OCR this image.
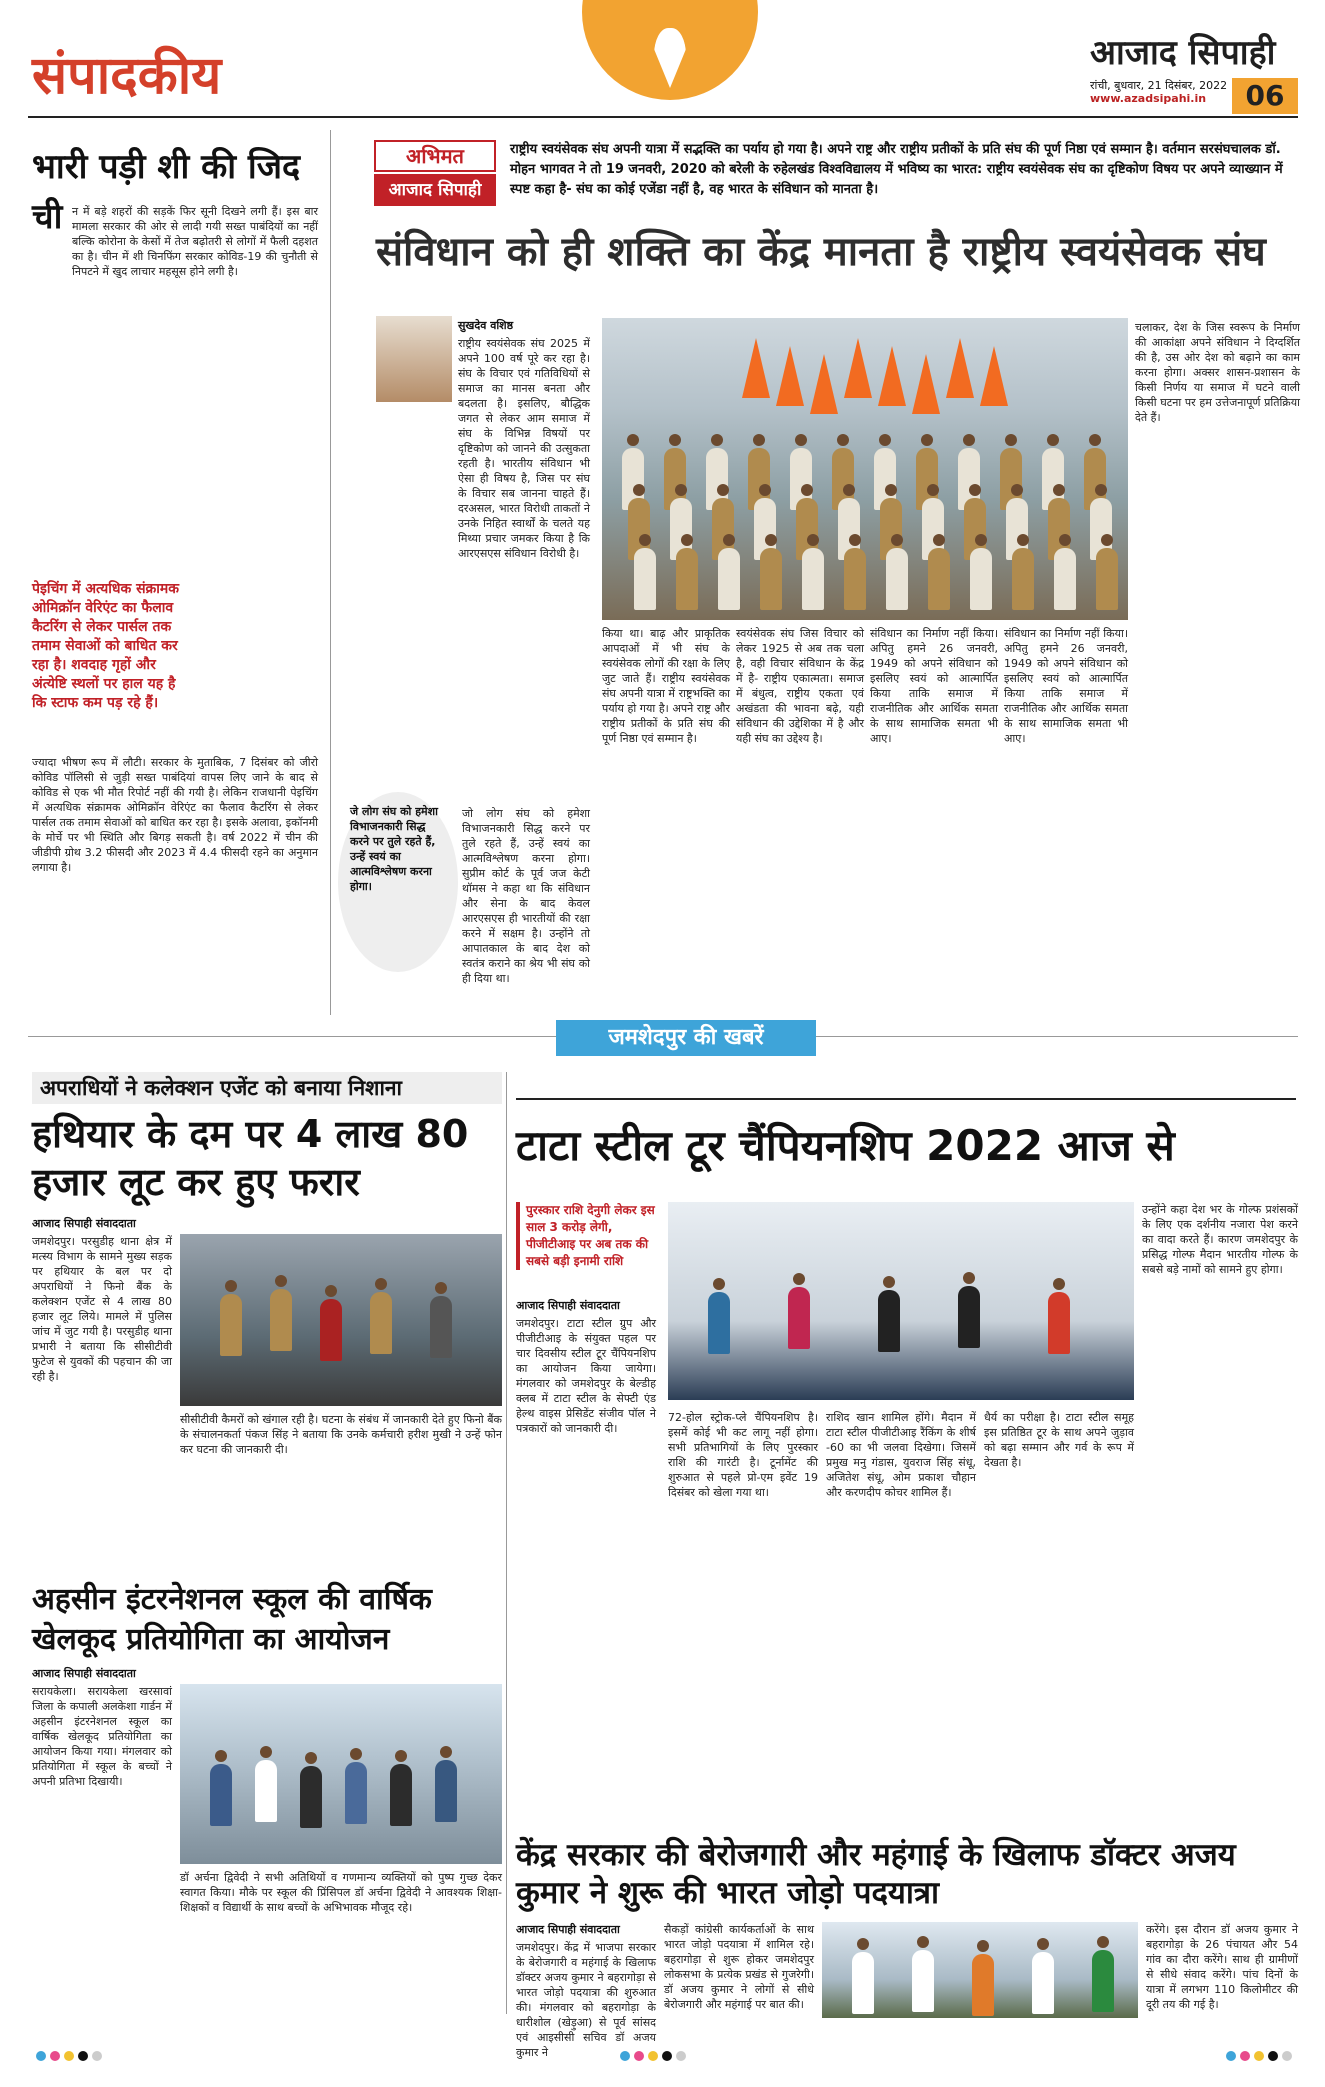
संपादकीय	आजाद सिपाही
रांची, बुधवार, 21 दिसंबर, 2022
www.azadsipahi.in	06
भारी पड़ी शी की जिद
ची न में बड़े शहरों की सड़कें फिर सूनी दिखने लगी हैं। इस बार मामला सरकार की ओर से लादी गयी सख्त पाबंदियों का नहीं बल्कि कोरोना के केसों में तेज बढ़ोतरी से लोगों में फैली दहशत का है। चीन में शी चिनफिंग सरकार कोविड-19 की चुनौती से निपटने में खुद लाचार महसूस होने लगी है।

पेइचिंग में अत्यधिक संक्रामक ओमिक्रॉन वेरिएंट का फैलाव कैटरिंग से लेकर पार्सल तक तमाम सेवाओं को बाधित कर रहा है। शवदाह गृहों और अंत्येष्टि स्थलों पर हाल यह है कि स्टाफ कम पड़ रहे हैं।

ज्यादा भीषण रूप में लौटी। सरकार के मुताबिक, 7 दिसंबर को जीरो कोविड पॉलिसी से जुड़ी सख्त पाबंदियां वापस लिए जाने के बाद से कोविड से एक भी मौत रिपोर्ट नहीं की गयी है। लेकिन राजधानी पेइचिंग में अत्यधिक संक्रामक ओमिक्रॉन वेरिएंट का फैलाव कैटरिंग से लेकर पार्सल तक तमाम सेवाओं को बाधित कर रहा है। इसके अलावा, इकॉनमी के मोर्चे पर भी स्थिति और बिगड़ सकती है। वर्ष 2022 में चीन की जीडीपी ग्रोथ 3.2 फीसदी और 2023 में 4.4 फीसदी रहने का अनुमान लगाया है।

अभिमत
आजाद सिपाही

राष्ट्रीय स्वयंसेवक संघ अपनी यात्रा में सद्भक्ति का पर्याय हो गया है। अपने राष्ट्र और राष्ट्रीय प्रतीकों के प्रति संघ की पूर्ण निष्ठा एवं सम्मान है। वर्तमान सरसंघचालक डॉ. मोहन भागवत ने तो 19 जनवरी, 2020 को बरेली के रुहेलखंड विश्वविद्यालय में भविष्य का भारत: राष्ट्रीय स्वयंसेवक संघ का दृष्टिकोण विषय पर अपने व्याख्यान में स्पष्ट कहा है- संघ का कोई एजेंडा नहीं है, वह भारत के संविधान को मानता है।

संविधान को ही शक्ति का केंद्र मानता है राष्ट्रीय स्वयंसेवक संघ
सुखदेव वशिष्ठ

राष्ट्रीय स्वयंसेवक संघ 2025 में अपने 100 वर्ष पूरे कर रहा है। संघ के विचार एवं गतिविधियों से समाज का मानस बनता और बदलता है। इसलिए, बौद्धिक जगत से लेकर आम समाज में संघ के विभिन्न विषयों पर दृष्टिकोण को जानने की उत्सुकता रहती है। भारतीय संविधान भी ऐसा ही विषय है, जिस पर संघ के विचार सब जानना चाहते हैं। दरअसल, भारत विरोधी ताकतों ने उनके निहित स्वार्थों के चलते यह मिथ्या प्रचार जमकर किया है कि आरएसएस संविधान विरोधी है।

जे लोग संघ को हमेशा विभाजनकारी सिद्ध करने पर तुले रहते हैं, उन्हें स्वयं का आत्मविश्लेषण करना होगा।

जो लोग संघ को हमेशा विभाजनकारी सिद्ध करने पर तुले रहते हैं, उन्हें स्वयं का आत्मविश्लेषण करना होगा। सुप्रीम कोर्ट के पूर्व जज केटी थॉमस ने कहा था कि संविधान और सेना के बाद केवल आरएसएस ही भारतीयों की रक्षा करने में सक्षम है। उन्होंने तो आपातकाल के बाद देश को स्वतंत्र कराने का श्रेय भी संघ को ही दिया था।

किया था। बाढ़ और प्राकृतिक आपदाओं में भी संघ के स्वयंसेवक लोगों की रक्षा के लिए जुट जाते हैं। राष्ट्रीय स्वयंसेवक संघ अपनी यात्रा में राष्ट्रभक्ति का पर्याय हो गया है। अपने राष्ट्र और राष्ट्रीय प्रतीकों के प्रति संघ की पूर्ण निष्ठा एवं सम्मान है।

स्वयंसेवक संघ जिस विचार को लेकर 1925 से अब तक चला है, वही विचार संविधान के केंद्र में है- राष्ट्रीय एकात्मता। समाज में बंधुत्व, राष्ट्रीय एकता एवं अखंडता की भावना बढ़े, यही संविधान की उद्देशिका में है और यही संघ का उद्देश्य है।

संविधान का निर्माण नहीं किया। अपितु हमने 26 जनवरी, 1949 को अपने संविधान को इसलिए स्वयं को आत्मार्पित किया ताकि समाज में राजनीतिक और आर्थिक समता के साथ सामाजिक समता भी आए।

चलाकर, देश के जिस स्वरूप के निर्माण की आकांक्षा अपने संविधान ने दिग्दर्शित की है, उस ओर देश को बढ़ाने का काम करना होगा। अक्सर शासन-प्रशासन के किसी निर्णय या समाज में घटने वाली किसी घटना पर हम उत्तेजनापूर्ण प्रतिक्रिया देते हैं।

संविधान का निर्माण नहीं किया। अपितु हमने 26 जनवरी, 1949 को अपने संविधान को इसलिए स्वयं को आत्मार्पित किया ताकि समाज में राजनीतिक और आर्थिक समता के साथ सामाजिक समता भी आए।

जमशेदपुर की खबरें
अपराधियों ने कलेक्शन एजेंट को बनाया निशाना
हथियार के दम पर 4 लाख 80 हजार लूट कर हुए फरार
आजाद सिपाही संवाददाता

जमशेदपुर। परसुडीह थाना क्षेत्र में मत्स्य विभाग के सामने मुख्य सड़क पर हथियार के बल पर दो अपराधियों ने फिनो बैंक के कलेक्शन एजेंट से 4 लाख 80 हजार लूट लिये। मामले में पुलिस जांच में जुट गयी है। परसुडीह थाना प्रभारी ने बताया कि सीसीटीवी फुटेज से युवकों की पहचान की जा रही है।

सीसीटीवी कैमरों को खंगाल रही है। घटना के संबंध में जानकारी देते हुए फिनो बैंक के संचालनकर्ता पंकज सिंह ने बताया कि उनके कर्मचारी हरीश मुखी ने उन्हें फोन कर घटना की जानकारी दी।

अहसीन इंटरनेशनल स्कूल की वार्षिक खेलकूद प्रतियोगिता का आयोजन
आजाद सिपाही संवाददाता

सरायकेला। सरायकेला खरसावां जिला के कपाली अलकेशा गार्डन में अहसीन इंटरनेशनल स्कूल का वार्षिक खेलकूद प्रतियोगिता का आयोजन किया गया। मंगलवार को प्रतियोगिता में स्कूल के बच्चों ने अपनी प्रतिभा दिखायी।

डॉ अर्चना द्विवेदी ने सभी अतिथियों व गणमान्य व्यक्तियों को पुष्प गुच्छ देकर स्वागत किया। मौके पर स्कूल की प्रिंसिपल डॉ अर्चना द्विवेदी ने आवश्यक शिक्षा-शिक्षकों व विद्यार्थी के साथ बच्चों के अभिभावक मौजूद रहे।

टाटा स्टील टूर चैंपियनशिप 2022 आज से

पुरस्कार राशि देनुगी लेकर इस साल 3 करोड़ लेगी, पीजीटीआइ पर अब तक की सबसे बड़ी इनामी राशि

आजाद सिपाही संवाददाता

जमशेदपुर। टाटा स्टील ग्रुप और पीजीटीआइ के संयुक्त पहल पर चार दिवसीय स्टील टूर चैंपियनशिप का आयोजन किया जायेगा। मंगलवार को जमशेदपुर के बेल्डीह क्लब में टाटा स्टील के सेफ्टी एंड हेल्थ वाइस प्रेसिडेंट संजीव पॉल ने पत्रकारों को जानकारी दी।

72-होल स्ट्रोक-प्ले चैंपियनशिप है। इसमें कोई भी कट लागू नहीं होगा। सभी प्रतिभागियों के लिए पुरस्कार राशि की गारंटी है। टूर्नामेंट की शुरुआत से पहले प्रो-एम इवेंट 19 दिसंबर को खेला गया था।

राशिद खान शामिल होंगे। मैदान में टाटा स्टील पीजीटीआइ रैंकिंग के शीर्ष -60 का भी जलवा दिखेगा। जिसमें प्रमुख मनु गंडास, युवराज सिंह संधू, अजितेश संधू, ओम प्रकाश चौहान और करणदीप कोचर शामिल हैं।

धैर्य का परीक्षा है। टाटा स्टील समूह इस प्रतिष्ठित टूर के साथ अपने जुड़ाव को बढ़ा सम्मान और गर्व के रूप में देखता है।

उन्होंने कहा देश भर के गोल्फ प्रशंसकों के लिए एक दर्शनीय नजारा पेश करने का वादा करते हैं। कारण जमशेदपुर के प्रसिद्ध गोल्फ मैदान भारतीय गोल्फ के सबसे बड़े नामों को सामने हुए होगा।

केंद्र सरकार की बेरोजगारी और महंगाई के खिलाफ डॉक्टर अजय कुमार ने शुरू की भारत जोड़ो पदयात्रा
आजाद सिपाही संवाददाता

जमशेदपुर। केंद्र में भाजपा सरकार के बेरोजगारी व महंगाई के खिलाफ डॉक्टर अजय कुमार ने बहरागोड़ा से भारत जोड़ो पदयात्रा की शुरुआत की। मंगलवार को बहरागोड़ा के धारीशोल (खेड़ुआ) से पूर्व सांसद एवं आइसीसी सचिव डॉ अजय कुमार ने

सैकड़ों कांग्रेसी कार्यकर्ताओं के साथ भारत जोड़ो पदयात्रा में शामिल रहे। बहरागोड़ा से शुरू होकर जमशेदपुर लोकसभा के प्रत्येक प्रखंड से गुजरेगी। डॉ अजय कुमार ने लोगों से सीधे बेरोजगारी और महंगाई पर बात की।

करेंगे। इस दौरान डॉ अजय कुमार ने बहरागोड़ा के 26 पंचायत और 54 गांव का दौरा करेंगे। साथ ही ग्रामीणों से सीधे संवाद करेंगे। पांच दिनों के यात्रा में लगभग 110 किलोमीटर की दूरी तय की गई है।
